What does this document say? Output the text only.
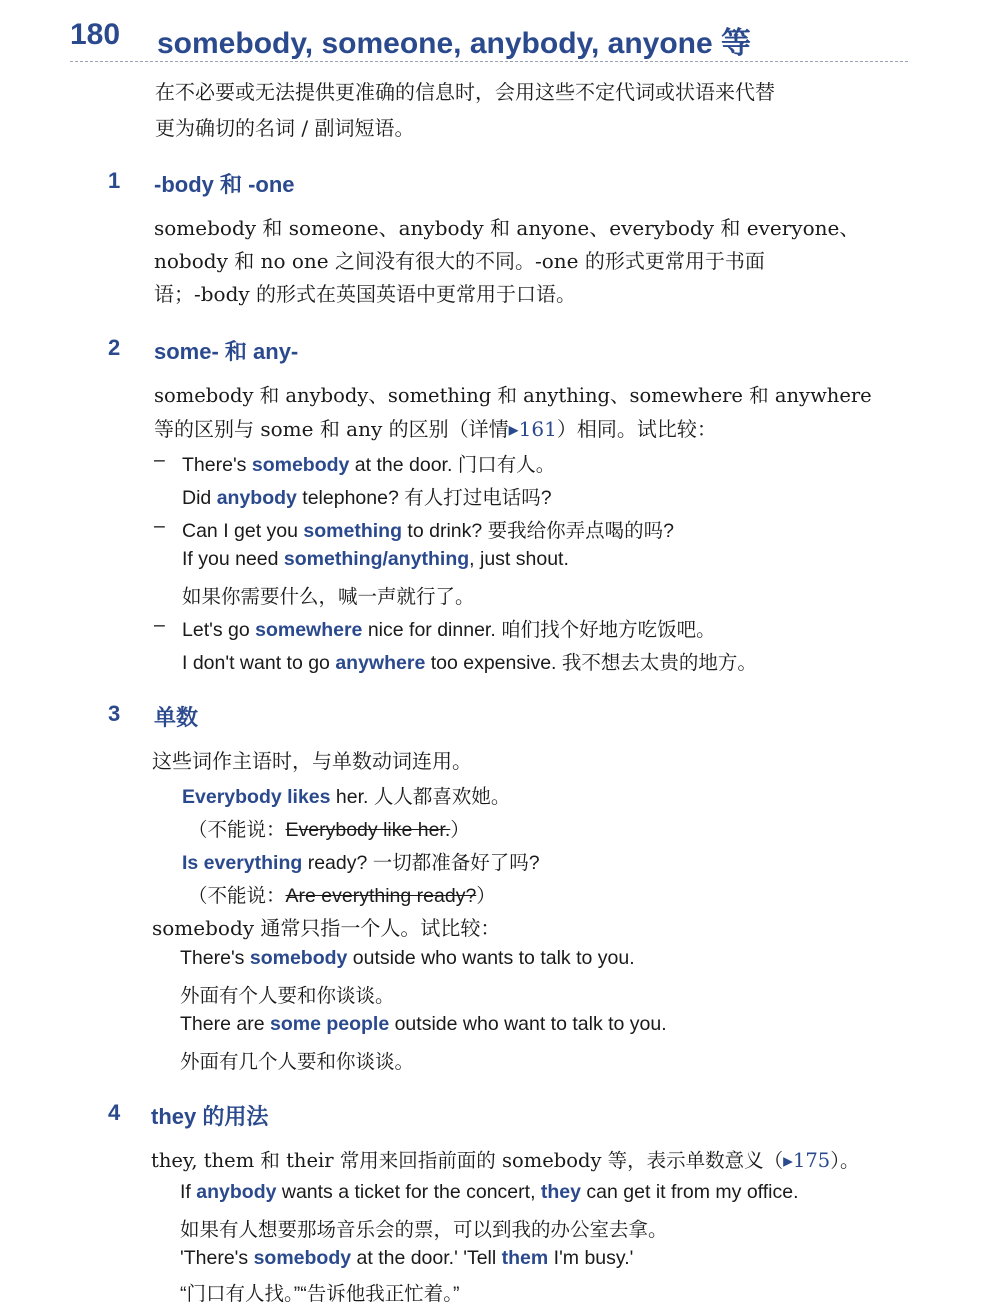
180 somebody, someone, anybody, anyone 等
在不必要或无法提供更准确的信息时，会用这些不定代词或状语来代替
更为确切的名词 / 副词短语。
1 -body 和 -one
somebody 和 someone、anybody 和 anyone、everybody 和 everyone、
nobody 和 no one 之间没有很大的不同。-one 的形式更常用于书面
语；-body 的形式在英国英语中更常用于口语。
2 some- 和 any-
somebody 和 anybody、something 和 anything、somewhere 和 anywhere
等的区别与 some 和 any 的区别（详情▸161）相同。试比较：
– There's somebody at the door. 门口有人。
Did anybody telephone? 有人打过电话吗?
– Can I get you something to drink? 要我给你弄点喝的吗?
If you need something/anything, just shout.
如果你需要什么，喊一声就行了。
– Let's go somewhere nice for dinner. 咱们找个好地方吃饭吧。
I don't want to go anywhere too expensive. 我不想去太贵的地方。
3 单数
这些词作主语时，与单数动词连用。
Everybody likes her. 人人都喜欢她。
（不能说：Everybody like her.）
Is everything ready? 一切都准备好了吗?
（不能说：Are everything ready?）
somebody 通常只指一个人。试比较：
There's somebody outside who wants to talk to you.
外面有个人要和你谈谈。
There are some people outside who want to talk to you.
外面有几个人要和你谈谈。
4 they 的用法
they, them 和 their 常用来回指前面的 somebody 等，表示单数意义（▸175）。
If anybody wants a ticket for the concert, they can get it from my office.
如果有人想要那场音乐会的票，可以到我的办公室去拿。
'There's somebody at the door.' 'Tell them I'm busy.'
“门口有人找。”“告诉他我正忙着。”
